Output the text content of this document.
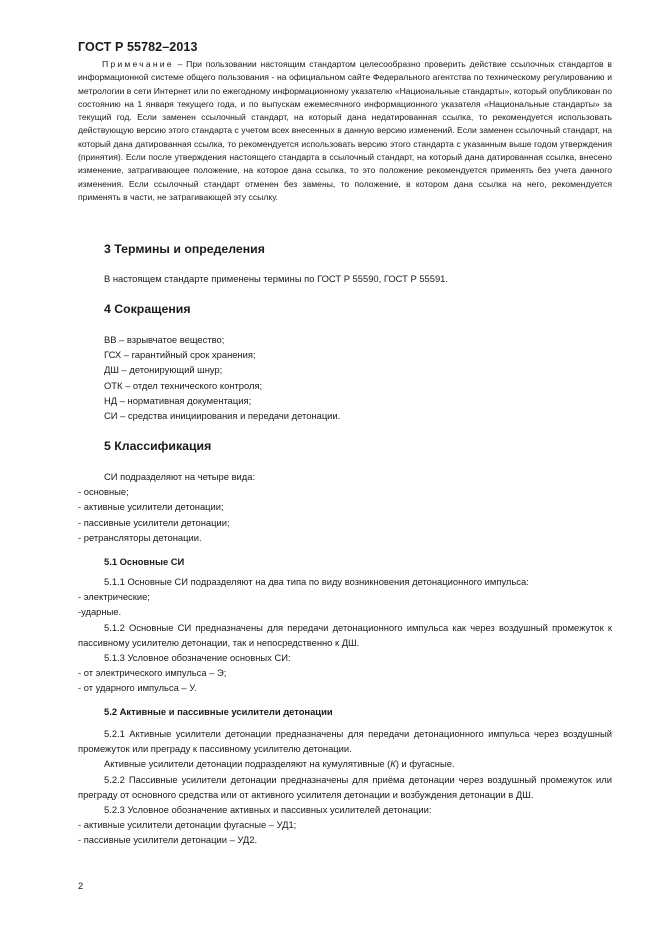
ГОСТ Р 55782–2013

Примечание – При пользовании настоящим стандартом целесообразно проверить действие ссылочных стандартов в информационной системе общего пользования - на официальном сайте Федерального агентства по техническому регулированию и метрологии в сети Интернет или по ежегодному информационному указателю «Национальные стандарты», который опубликован по состоянию на 1 января текущего года, и по выпускам ежемесячного информационного указателя «Национальные стандарты» за текущий год. Если заменен ссылочный стандарт, на который дана недатированная ссылка, то рекомендуется использовать действующую версию этого стандарта с учетом всех внесенных в данную версию изменений. Если заменен ссылочный стандарт, на который дана датированная ссылка, то рекомендуется использовать версию этого стандарта с указанным выше годом утверждения (принятия). Если после утверждения настоящего стандарта в ссылочный стандарт, на который дана датированная ссылка, внесено изменение, затрагивающее положение, на которое дана ссылка, то это положение рекомендуется применять без учета данного изменения. Если ссылочный стандарт отменен без замены, то положение, в котором дана ссылка на него, рекомендуется применять в части, не затрагивающей эту ссылку.

3 Термины и определения

В настоящем стандарте применены термины по ГОСТ Р 55590, ГОСТ Р 55591.

4 Сокращения

ВВ – взрывчатое вещество;

ГСХ – гарантийный срок хранения;

ДШ – детонирующий шнур;

ОТК – отдел технического контроля;

НД – нормативная документация;

СИ – средства инициирования и передачи детонации.

5 Классификация

СИ подразделяют на четыре вида:

- основные;

- активные усилители детонации;

- пассивные усилители детонации;

- ретрансляторы детонации.

5.1 Основные СИ

5.1.1 Основные СИ подразделяют на два типа по виду возникновения детонационного импульса:

- электрические;

-ударные.

5.1.2 Основные СИ предназначены для передачи детонационного импульса как через воздушный промежуток к пассивному усилителю детонации, так и непосредственно к ДШ.

5.1.3 Условное обозначение основных СИ:

- от электрического импульса – Э;

- от ударного импульса – У.

5.2 Активные и пассивные усилители детонации

5.2.1 Активные усилители детонации предназначены для передачи детонационного импульса через воздушный промежуток или преграду к пассивному усилителю детонации.

Активные усилители детонации подразделяют на кумулятивные (К) и фугасные.

5.2.2 Пассивные усилители детонации предназначены для приёма детонации через воздушный промежуток или преграду от основного средства или от активного усилителя детонации и возбуждения детонации в ДШ.

5.2.3 Условное обозначение активных и пассивных усилителей детонации:

- активные усилители детонации фугасные – УД1;

- пассивные усилители детонации – УД2.

2
